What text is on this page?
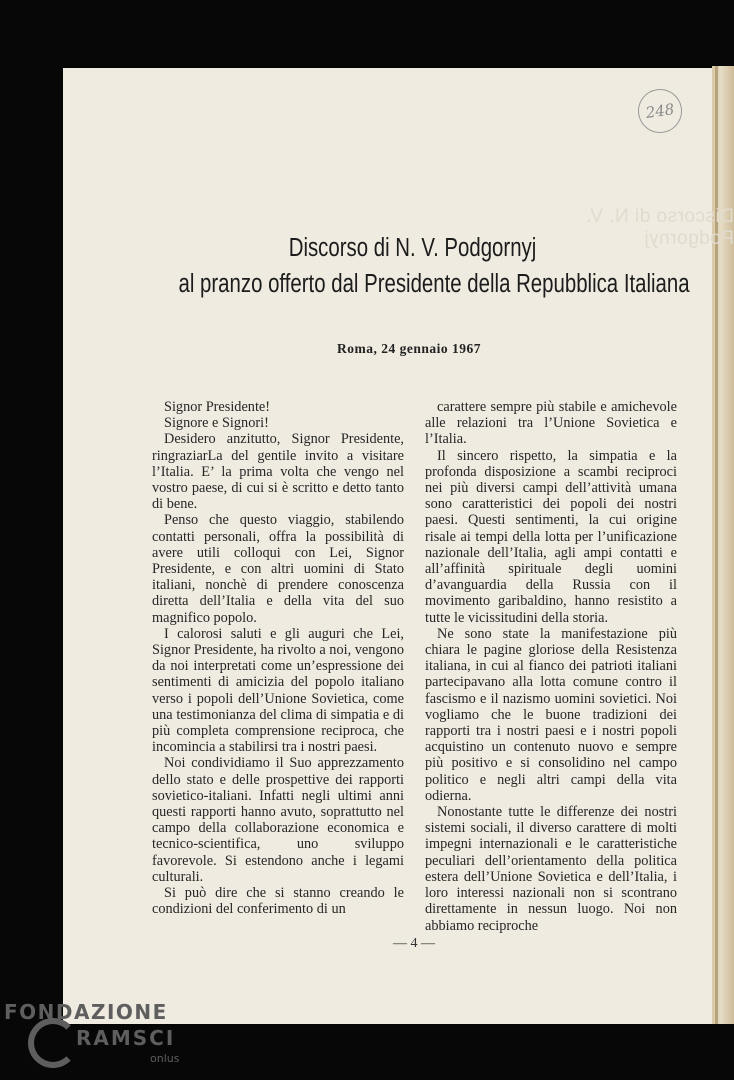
Discorso di N. V. Podgornyj
248
Discorso di N. V. Podgornyj
al pranzo offerto dal Presidente della Repubblica Italiana
Roma, 24 gennaio 1967

Signor Presidente!

Signore e Signori!

Desidero anzitutto, Signor Presidente, ringraziarLa del gentile invito a visitare l’Italia. E’ la prima volta che vengo nel vostro paese, di cui si è scritto e detto tanto di bene.

Penso che questo viaggio, stabilendo contatti personali, offra la possibilità di avere utili colloqui con Lei, Signor Presidente, e con altri uomini di Stato italiani, nonchè di prendere conoscenza diretta dell’Italia e della vita del suo magnifico popolo.

I calorosi saluti e gli auguri che Lei, Signor Presidente, ha rivolto a noi, vengono da noi interpretati come un’espressione dei sentimenti di amicizia del popolo italiano verso i popoli dell’Unione Sovietica, come una testimonianza del clima di simpatia e di più completa comprensione reciproca, che incomincia a stabilirsi tra i nostri paesi.

Noi condividiamo il Suo apprezzamento dello stato e delle prospettive dei rapporti sovietico-italiani. Infatti negli ultimi anni questi rapporti hanno avuto, soprattutto nel campo della collaborazione economica e tecnico-scientifica, uno sviluppo favorevole. Si estendono anche i legami culturali.

Si può dire che si stanno creando le condizioni del conferimento di un

carattere sempre più stabile e amichevole alle relazioni tra l’Unione Sovietica e l’Italia.

Il sincero rispetto, la simpatia e la profonda disposizione a scambi reciproci nei più diversi campi dell’attività umana sono caratteristici dei popoli dei nostri paesi. Questi sentimenti, la cui origine risale ai tempi della lotta per l’unificazione nazionale dell’Italia, agli ampi contatti e all’affinità spirituale degli uomini d’avanguardia della Russia con il movimento garibaldino, hanno resistito a tutte le vicissitudini della storia.

Ne sono state la manifestazione più chiara le pagine gloriose della Resistenza italiana, in cui al fianco dei patrioti italiani partecipavano alla lotta comune contro il fascismo e il nazismo uomini sovietici. Noi vogliamo che le buone tradizioni dei rapporti tra i nostri paesi e i nostri popoli acquistino un contenuto nuovo e sempre più positivo e si consolidino nel campo politico e negli altri campi della vita odierna.

Nonostante tutte le differenze dei nostri sistemi sociali, il diverso carattere di molti impegni internazionali e le caratteristiche peculiari dell’orientamento della politica estera dell’Unione Sovietica e dell’Italia, i loro interessi nazionali non si scontrano direttamente in nessun luogo. Noi non abbiamo reciproche

— 4 —
FONDAZIONE
RAMSCI
onlus
